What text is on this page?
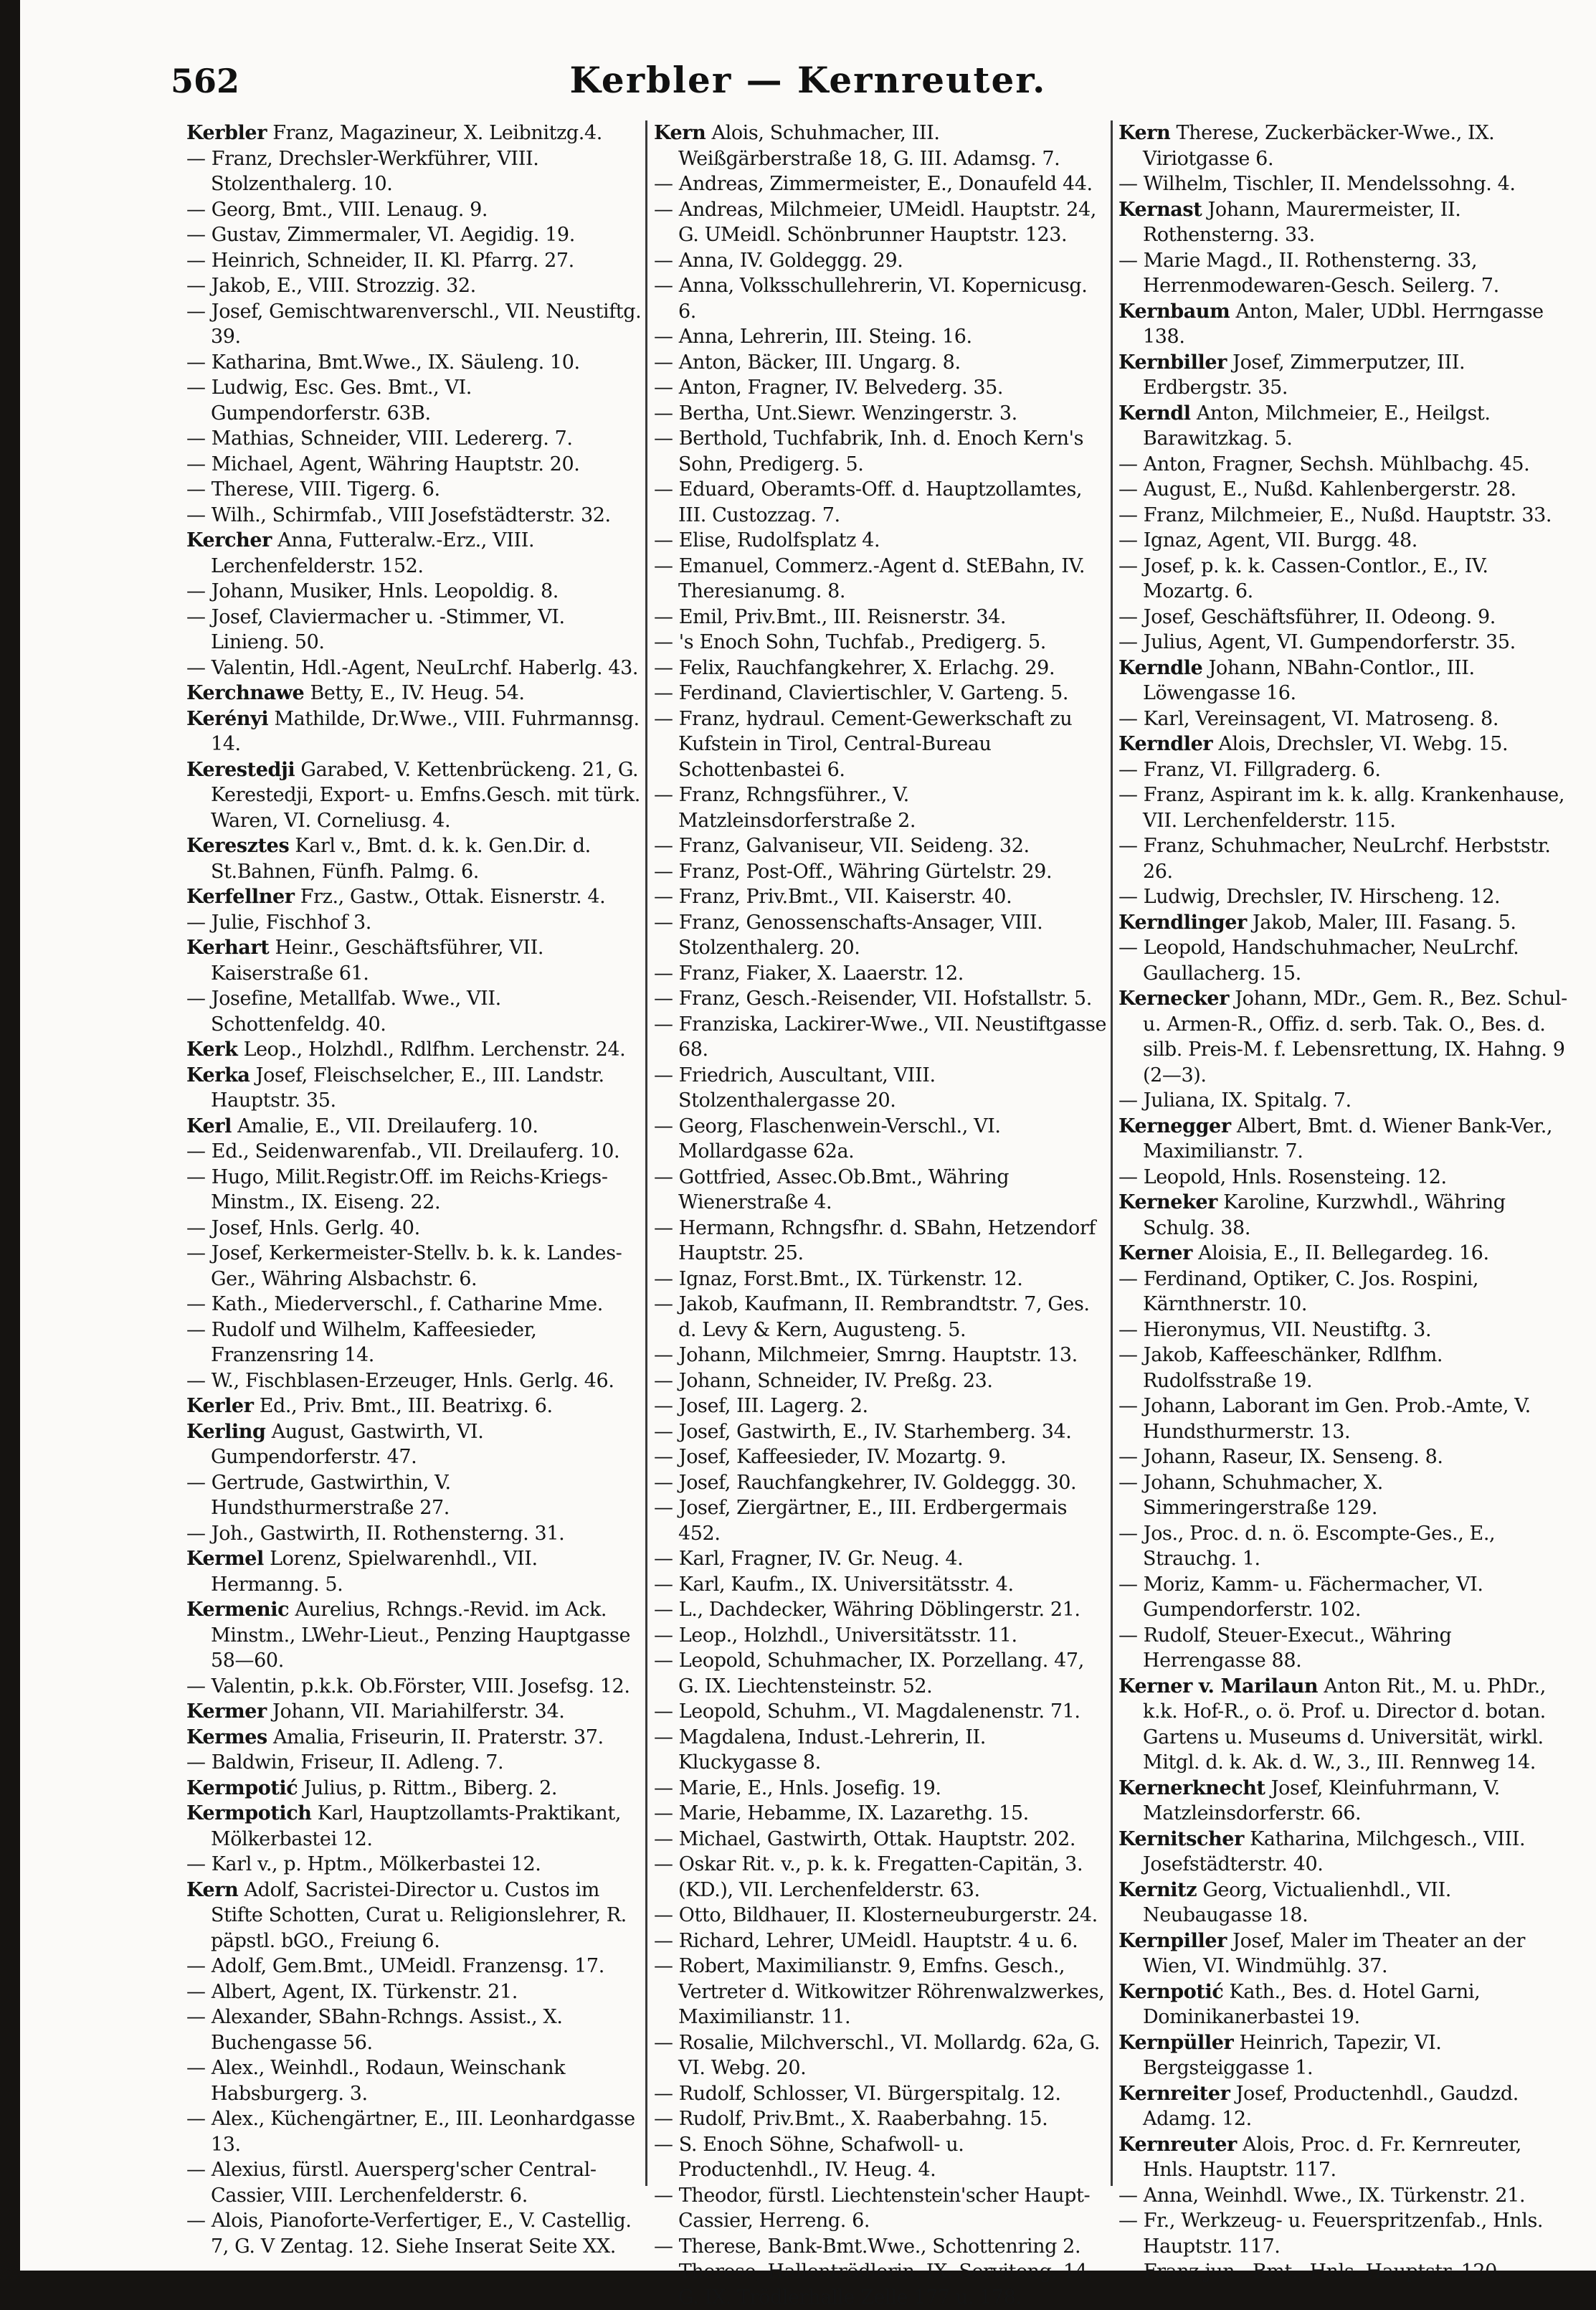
562	Kerbler — Kernreuter.

Kerbler Franz, Magazineur, X. Leibnitzg.4.

— Franz, Drechsler-Werkführer, VIII. Stolzenthalerg. 10.

— Georg, Bmt., VIII. Lenaug. 9.

— Gustav, Zimmermaler, VI. Aegidig. 19.

— Heinrich, Schneider, II. Kl. Pfarrg. 27.

— Jakob, E., VIII. Strozzig. 32.

— Josef, Gemischtwarenverschl., VII. Neustiftg. 39.

— Katharina, Bmt.Wwe., IX. Säuleng. 10.

— Ludwig, Esc. Ges. Bmt., VI. Gumpendorferstr. 63B.

— Mathias, Schneider, VIII. Ledererg. 7.

— Michael, Agent, Währing Hauptstr. 20.

— Therese, VIII. Tigerg. 6.

— Wilh., Schirmfab., VIII Josefstädterstr. 32.

Kercher Anna, Futteralw.-Erz., VIII. Lerchenfelderstr. 152.

— Johann, Musiker, Hnls. Leopoldig. 8.

— Josef, Claviermacher u. -Stimmer, VI. Linieng. 50.

— Valentin, Hdl.-Agent, NeuLrchf. Haberlg. 43.

Kerchnawe Betty, E., IV. Heug. 54.

Kerényi Mathilde, Dr.Wwe., VIII. Fuhrmannsg. 14.

Kerestedji Garabed, V. Kettenbrückeng. 21, G. Kerestedji, Export- u. Emfns.Gesch. mit türk. Waren, VI. Corneliusg. 4.

Keresztes Karl v., Bmt. d. k. k. Gen.Dir. d. St.Bahnen, Fünfh. Palmg. 6.

Kerfellner Frz., Gastw., Ottak. Eisnerstr. 4.

— Julie, Fischhof 3.

Kerhart Heinr., Geschäftsführer, VII. Kaiserstraße 61.

— Josefine, Metallfab. Wwe., VII. Schottenfeldg. 40.

Kerk Leop., Holzhdl., Rdlfhm. Lerchenstr. 24.

Kerka Josef, Fleischselcher, E., III. Landstr. Hauptstr. 35.

Kerl Amalie, E., VII. Dreilauferg. 10.

— Ed., Seidenwarenfab., VII. Dreilauferg. 10.

— Hugo, Milit.Registr.Off. im Reichs-Kriegs-Minstm., IX. Eiseng. 22.

— Josef, Hnls. Gerlg. 40.

— Josef, Kerkermeister-Stellv. b. k. k. Landes-Ger., Währing Alsbachstr. 6.

— Kath., Miederverschl., f. Catharine Mme.

— Rudolf und Wilhelm, Kaffeesieder, Franzensring 14.

— W., Fischblasen-Erzeuger, Hnls. Gerlg. 46.

Kerler Ed., Priv. Bmt., III. Beatrixg. 6.

Kerling August, Gastwirth, VI. Gumpendorferstr. 47.

— Gertrude, Gastwirthin, V. Hundsthurmerstraße 27.

— Joh., Gastwirth, II. Rothensterng. 31.

Kermel Lorenz, Spielwarenhdl., VII. Hermanng. 5.

Kermenic Aurelius, Rchngs.-Revid. im Ack. Minstm., LWehr-Lieut., Penzing Hauptgasse 58—60.

— Valentin, p.k.k. Ob.Förster, VIII. Josefsg. 12.

Kermer Johann, VII. Mariahilferstr. 34.

Kermes Amalia, Friseurin, II. Praterstr. 37.

— Baldwin, Friseur, II. Adleng. 7.

Kermpotić Julius, p. Rittm., Biberg. 2.

Kermpotich Karl, Hauptzollamts-Praktikant, Mölkerbastei 12.

— Karl v., p. Hptm., Mölkerbastei 12.

Kern Adolf, Sacristei-Director u. Custos im Stifte Schotten, Curat u. Religionslehrer, R. päpstl. bGO., Freiung 6.

— Adolf, Gem.Bmt., UMeidl. Franzensg. 17.

— Albert, Agent, IX. Türkenstr. 21.

— Alexander, SBahn-Rchngs. Assist., X. Buchengasse 56.

— Alex., Weinhdl., Rodaun, Weinschank Habsburgerg. 3.

— Alex., Küchengärtner, E., III. Leonhardgasse 13.

— Alexius, fürstl. Auersperg'scher Central-Cassier, VIII. Lerchenfelderstr. 6.

— Alois, Pianoforte-Verfertiger, E., V. Castellig. 7, G. V Zentag. 12. Siehe Inserat Seite XX.

Kern Alois, Schuhmacher, III. Weißgärberstraße 18, G. III. Adamsg. 7.

— Andreas, Zimmermeister, E., Donaufeld 44.

— Andreas, Milchmeier, UMeidl. Hauptstr. 24, G. UMeidl. Schönbrunner Hauptstr. 123.

— Anna, IV. Goldeggg. 29.

— Anna, Volksschullehrerin, VI. Kopernicusg. 6.

— Anna, Lehrerin, III. Steing. 16.

— Anton, Bäcker, III. Ungarg. 8.

— Anton, Fragner, IV. Belvederg. 35.

— Bertha, Unt.Siewr. Wenzingerstr. 3.

— Berthold, Tuchfabrik, Inh. d. Enoch Kern's Sohn, Predigerg. 5.

— Eduard, Oberamts-Off. d. Hauptzollamtes, III. Custozzag. 7.

— Elise, Rudolfsplatz 4.

— Emanuel, Commerz.-Agent d. StEBahn, IV. Theresianumg. 8.

— Emil, Priv.Bmt., III. Reisnerstr. 34.

— 's Enoch Sohn, Tuchfab., Predigerg. 5.

— Felix, Rauchfangkehrer, X. Erlachg. 29.

— Ferdinand, Claviertischler, V. Garteng. 5.

— Franz, hydraul. Cement-Gewerkschaft zu Kufstein in Tirol, Central-Bureau Schottenbastei 6.

— Franz, Rchngsführer., V. Matzleinsdorferstraße 2.

— Franz, Galvaniseur, VII. Seideng. 32.

— Franz, Post-Off., Währing Gürtelstr. 29.

— Franz, Priv.Bmt., VII. Kaiserstr. 40.

— Franz, Genossenschafts-Ansager, VIII. Stolzenthalerg. 20.

— Franz, Fiaker, X. Laaerstr. 12.

— Franz, Gesch.-Reisender, VII. Hofstallstr. 5.

— Franziska, Lackirer-Wwe., VII. Neustiftgasse 68.

— Friedrich, Auscultant, VIII. Stolzenthalergasse 20.

— Georg, Flaschenwein-Verschl., VI. Mollardgasse 62a.

— Gottfried, Assec.Ob.Bmt., Währing Wienerstraße 4.

— Hermann, Rchngsfhr. d. SBahn, Hetzendorf Hauptstr. 25.

— Ignaz, Forst.Bmt., IX. Türkenstr. 12.

— Jakob, Kaufmann, II. Rembrandtstr. 7, Ges. d. Levy & Kern, Augusteng. 5.

— Johann, Milchmeier, Smrng. Hauptstr. 13.

— Johann, Schneider, IV. Preßg. 23.

— Josef, III. Lagerg. 2.

— Josef, Gastwirth, E., IV. Starhemberg. 34.

— Josef, Kaffeesieder, IV. Mozartg. 9.

— Josef, Rauchfangkehrer, IV. Goldeggg. 30.

— Josef, Ziergärtner, E., III. Erdbergermais 452.

— Karl, Fragner, IV. Gr. Neug. 4.

— Karl, Kaufm., IX. Universitätsstr. 4.

— L., Dachdecker, Währing Döblingerstr. 21.

— Leop., Holzhdl., Universitätsstr. 11.

— Leopold, Schuhmacher, IX. Porzellang. 47, G. IX. Liechtensteinstr. 52.

— Leopold, Schuhm., VI. Magdalenenstr. 71.

— Magdalena, Indust.-Lehrerin, II. Kluckygasse 8.

— Marie, E., Hnls. Josefig. 19.

— Marie, Hebamme, IX. Lazarethg. 15.

— Michael, Gastwirth, Ottak. Hauptstr. 202.

— Oskar Rit. v., p. k. k. Fregatten-Capitän, 3. (KD.), VII. Lerchenfelderstr. 63.

— Otto, Bildhauer, II. Klosterneuburgerstr. 24.

— Richard, Lehrer, UMeidl. Hauptstr. 4 u. 6.

— Robert, Maximilianstr. 9, Emfns. Gesch., Vertreter d. Witkowitzer Röhrenwalzwerkes, Maximilianstr. 11.

— Rosalie, Milchverschl., VI. Mollardg. 62a, G. VI. Webg. 20.

— Rudolf, Schlosser, VI. Bürgerspitalg. 12.

— Rudolf, Priv.Bmt., X. Raaberbahng. 15.

— S. Enoch Söhne, Schafwoll- u. Productenhdl., IV. Heug. 4.

— Theodor, fürstl. Liechtenstein'scher Haupt-Cassier, Herreng. 6.

— Therese, Bank-Bmt.Wwe., Schottenring 2.

— Therese, Hallentrödlerin, IX. Serviteng. 14, G. IX. Trödlerhalle Zelle 177 u. 178.

Kern Therese, Zuckerbäcker-Wwe., IX. Viriotgasse 6.

— Wilhelm, Tischler, II. Mendelssohng. 4.

Kernast Johann, Maurermeister, II. Rothensterng. 33.

— Marie Magd., II. Rothensterng. 33, Herrenmodewaren-Gesch. Seilerg. 7.

Kernbaum Anton, Maler, UDbl. Herrngasse 138.

Kernbiller Josef, Zimmerputzer, III. Erdbergstr. 35.

Kerndl Anton, Milchmeier, E., Heilgst. Barawitzkag. 5.

— Anton, Fragner, Sechsh. Mühlbachg. 45.

— August, E., Nußd. Kahlenbergerstr. 28.

— Franz, Milchmeier, E., Nußd. Hauptstr. 33.

— Ignaz, Agent, VII. Burgg. 48.

— Josef, p. k. k. Cassen-Contlor., E., IV. Mozartg. 6.

— Josef, Geschäftsführer, II. Odeong. 9.

— Julius, Agent, VI. Gumpendorferstr. 35.

Kerndle Johann, NBahn-Contlor., III. Löwengasse 16.

— Karl, Vereinsagent, VI. Matroseng. 8.

Kerndler Alois, Drechsler, VI. Webg. 15.

— Franz, VI. Fillgraderg. 6.

— Franz, Aspirant im k. k. allg. Krankenhause, VII. Lerchenfelderstr. 115.

— Franz, Schuhmacher, NeuLrchf. Herbststr. 26.

— Ludwig, Drechsler, IV. Hirscheng. 12.

Kerndlinger Jakob, Maler, III. Fasang. 5.

— Leopold, Handschuhmacher, NeuLrchf. Gaullacherg. 15.

Kernecker Johann, MDr., Gem. R., Bez. Schul- u. Armen-R., Offiz. d. serb. Tak. O., Bes. d. silb. Preis-M. f. Lebensrettung, IX. Hahng. 9 (2—3).

— Juliana, IX. Spitalg. 7.

Kernegger Albert, Bmt. d. Wiener Bank-Ver., Maximilianstr. 7.

— Leopold, Hnls. Rosensteing. 12.

Kerneker Karoline, Kurzwhdl., Währing Schulg. 38.

Kerner Aloisia, E., II. Bellegardeg. 16.

— Ferdinand, Optiker, C. Jos. Rospini, Kärnthnerstr. 10.

— Hieronymus, VII. Neustiftg. 3.

— Jakob, Kaffeeschänker, Rdlfhm. Rudolfsstraße 19.

— Johann, Laborant im Gen. Prob.-Amte, V. Hundsthurmerstr. 13.

— Johann, Raseur, IX. Senseng. 8.

— Johann, Schuhmacher, X. Simmeringerstraße 129.

— Jos., Proc. d. n. ö. Escompte-Ges., E., Strauchg. 1.

— Moriz, Kamm- u. Fächermacher, VI. Gumpendorferstr. 102.

— Rudolf, Steuer-Execut., Währing Herrengasse 88.

Kerner v. Marilaun Anton Rit., M. u. PhDr., k.k. Hof-R., o. ö. Prof. u. Director d. botan. Gartens u. Museums d. Universität, wirkl. Mitgl. d. k. Ak. d. W., 3., III. Rennweg 14.

Kernerknecht Josef, Kleinfuhrmann, V. Matzleinsdorferstr. 66.

Kernitscher Katharina, Milchgesch., VIII. Josefstädterstr. 40.

Kernitz Georg, Victualienhdl., VII. Neubaugasse 18.

Kernpiller Josef, Maler im Theater an der Wien, VI. Windmühlg. 37.

Kernpotić Kath., Bes. d. Hotel Garni, Dominikanerbastei 19.

Kernpüller Heinrich, Tapezir, VI. Bergsteiggasse 1.

Kernreiter Josef, Productenhdl., Gaudzd. Adamg. 12.

Kernreuter Alois, Proc. d. Fr. Kernreuter, Hnls. Hauptstr. 117.

— Anna, Weinhdl. Wwe., IX. Türkenstr. 21.

— Fr., Werkzeug- u. Feuerspritzenfab., Hnls. Hauptstr. 117.

— Franz jun., Bmt., Hnls. Hauptstr. 120.
